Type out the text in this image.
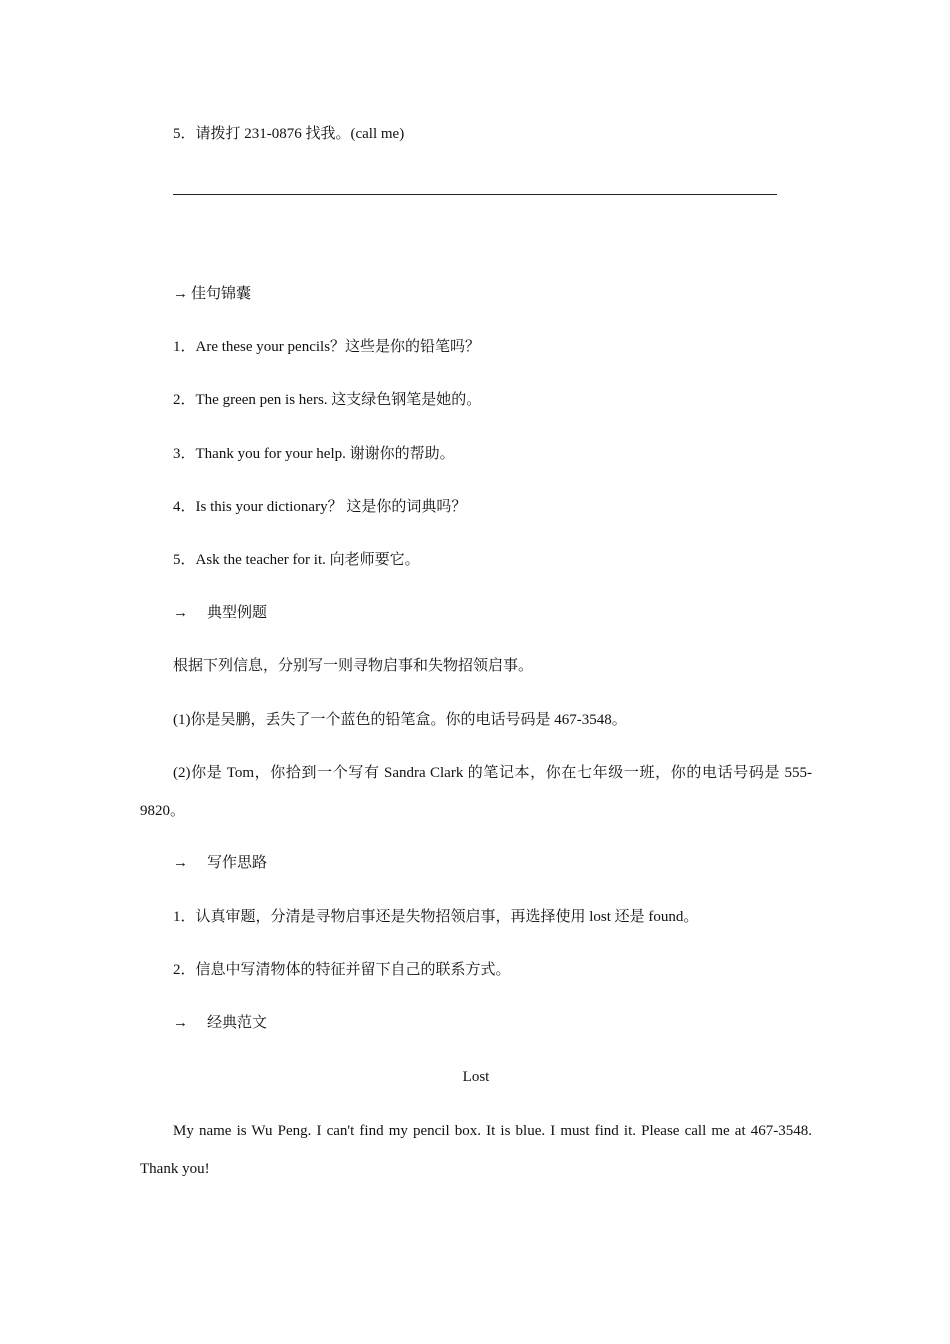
5．请拨打 231-0876 找我。(call me)
→ 佳句锦囊
1．Are these your pencils？这些是你的铅笔吗？
2．The green pen is hers. 这支绿色钢笔是她的。
3．Thank you for your help. 谢谢你的帮助。
4．Is this your dictionary？ 这是你的词典吗？
5．Ask the teacher for it. 向老师要它。
→ 典型例题
根据下列信息，分别写一则寻物启事和失物招领启事。
(1)你是吴鹏，丢失了一个蓝色的铅笔盒。你的电话号码是 467-3548。
(2)你是 Tom，你拾到一个写有 Sandra Clark 的笔记本，你在七年级一班，你的电话号码是 555-9820。
→ 写作思路
1．认真审题，分清是寻物启事还是失物招领启事，再选择使用 lost 还是 found。
2．信息中写清物体的特征并留下自己的联系方式。
→ 经典范文
Lost
My name is Wu Peng. I can't find my pencil box. It is blue. I must find it. Please call me at 467-3548. Thank you!
